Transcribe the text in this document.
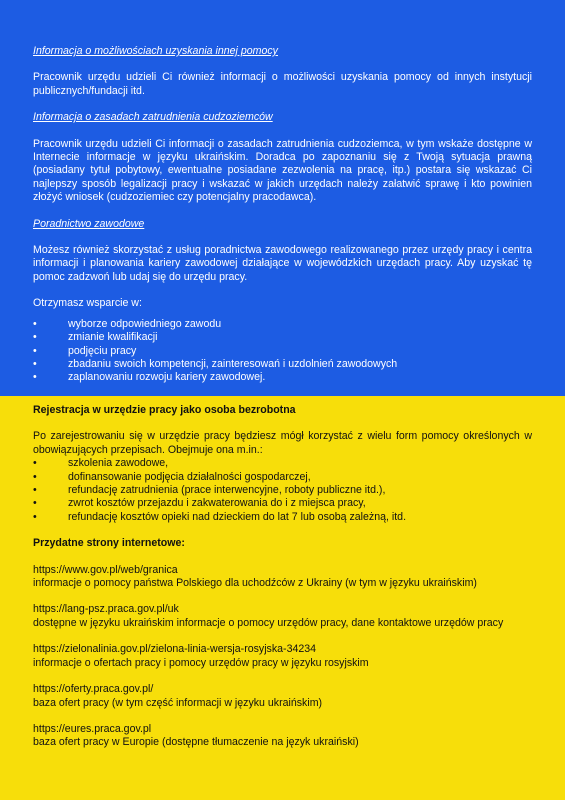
Informacja o możliwościach uzyskania innej pomocy

Pracownik urzędu udzieli Ci również informacji o możliwości uzyskania pomocy od innych instytucji publicznych/fundacji itd.

Informacja o zasadach zatrudnienia cudzoziemców

Pracownik urzędu udzieli Ci informacji o zasadach zatrudnienia cudzoziemca, w tym wskaże dostępne w Internecie informacje w języku ukraińskim. Doradca po zapoznaniu się z Twoją sytuacja prawną (posiadany tytuł pobytowy, ewentualne posiadane zezwolenia na pracę, itp.) postara się wskazać Ci najlepszy sposób legalizacji pracy i wskazać w jakich urzędach należy załatwić sprawę i kto powinien złożyć wniosek (cudzoziemiec czy potencjalny pracodawca).

Poradnictwo zawodowe

Możesz również skorzystać z usług poradnictwa zawodowego realizowanego przez urzędy pracy i centra informacji i planowania kariery zawodowej działające w wojewódzkich urzędach pracy. Aby uzyskać tę pomoc zadzwoń lub udaj się do urzędu pracy.

Otrzymasz wsparcie w:

• wyborze odpowiedniego zawodu
• zmianie kwalifikacji
• podjęciu pracy
• zbadaniu swoich kompetencji, zainteresowań i uzdolnień zawodowych
• zaplanowaniu rozwoju kariery zawodowej.

Rejestracja w urzędzie pracy jako osoba bezrobotna

Po zarejestrowaniu się w urzędzie pracy będziesz mógł korzystać z wielu form pomocy określonych w obowiązujących przepisach. Obejmuje ona m.in.:

• szkolenia zawodowe,
• dofinansowanie podjęcia działalności gospodarczej,
• refundację zatrudnienia (prace interwencyjne, roboty publiczne itd.),
• zwrot kosztów przejazdu i zakwaterowania do i z miejsca pracy,
• refundację kosztów opieki nad dzieckiem do lat 7 lub osobą zależną, itd.

Przydatne strony internetowe:

https://www.gov.pl/web/granica

informacje o pomocy państwa Polskiego dla uchodźców z Ukrainy (w tym w języku ukraińskim)

https://lang-psz.praca.gov.pl/uk

dostępne w języku ukraińskim informacje o pomocy urzędów pracy, dane kontaktowe urzędów pracy

https://zielonalinia.gov.pl/zielona-linia-wersja-rosyjska-34234

informacje o ofertach pracy i pomocy urzędów pracy w języku rosyjskim

https://oferty.praca.gov.pl/

baza ofert pracy (w tym część informacji w języku ukraińskim)

https://eures.praca.gov.pl

baza ofert pracy w Europie (dostępne tłumaczenie na język ukraiński)
